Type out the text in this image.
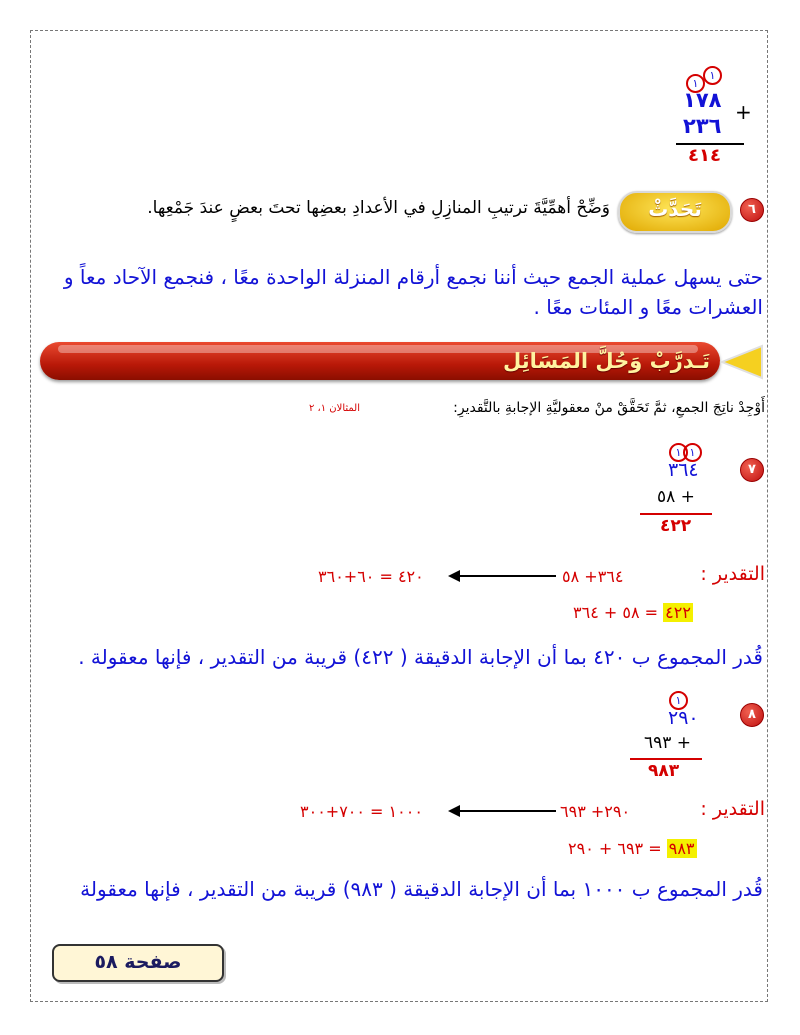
١
١
١٧٨ +
٢٣٦
٤١٤
٦
تَحَدَّثْ
وَضِّحْ أهمِّيَّةَ ترتيبِ المنازِلِ في الأعدادِ بعضِها تحتَ بعضٍ عندَ جَمْعِها.
حتى يسهل عملية الجمع حيث أننا نجمع أرقام المنزلة الواحدة معًا ، فنجمع الآحاد معاً و العشرات معًا و المئات معًا .
تَـدرَّبْ وَحُلَّ المَسَائِل
أَوْجِدْ ناتِجَ الجمعِ، ثمَّ تَحَقَّقْ منْ معقوليَّةِ الإجابةِ بالتَّقديرِ:
المثالان ١، ٢
٧
١ ١
٣٦٤
٥٨ +
٤٢٢
التقدير :
٣٦٤+ ٥٨
٤٢٠ = ٦٠+٣٦٠
٤٢٢ = ٥٨ + ٣٦٤
قُدر المجموع ب ٤٢٠ بما أن الإجابة الدقيقة ( ٤٢٢) قريبة من التقدير ، فإنها معقولة .
٨
١
٢٩٠
٦٩٣ +
٩٨٣
التقدير :
٢٩٠+ ٦٩٣
١٠٠٠ = ٧٠٠+٣٠٠
٩٨٣ = ٦٩٣ + ٢٩٠
قُدر المجموع ب ١٠٠٠ بما أن الإجابة الدقيقة ( ٩٨٣) قريبة من التقدير ، فإنها معقولة
صفحة ٥٨
